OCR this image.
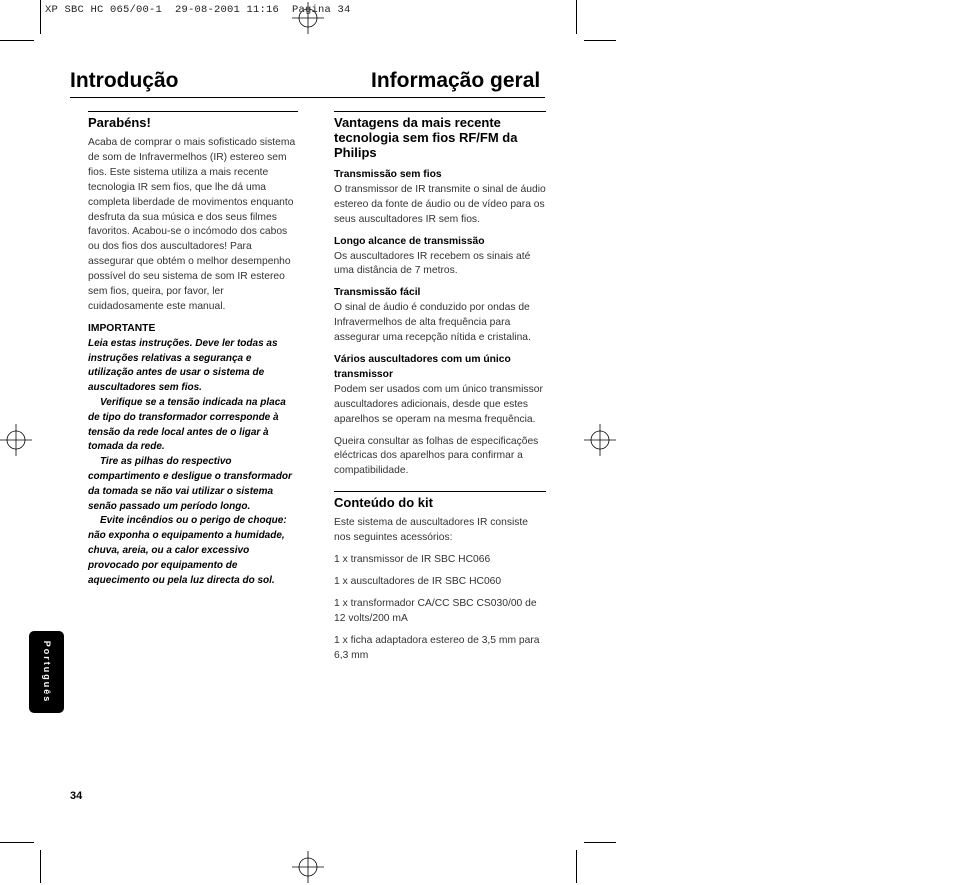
XP SBC HC 065/00-1  29-08-2001 11:16  Pagina 34
Introdução	Informação geral
Parabéns!

Acaba de comprar o mais sofisticado sistema de som de Infravermelhos (IR) estereo sem fios. Este sistema utiliza a mais recente tecnologia IR sem fios, que lhe dá uma completa liberdade de movimentos enquanto desfruta da sua música e dos seus filmes favoritos. Acabou-se o incómodo dos cabos ou dos fios dos auscultadores! Para assegurar que obtém o melhor desempenho possível do seu sistema de som IR estereo sem fios, queira, por favor, ler cuidadosamente este manual.

IMPORTANTE

Leia estas instruções. Deve ler todas as instruções relativas a segurança e utilização antes de usar o sistema de auscultadores sem fios.
Verifique se a tensão indicada na placa de tipo do transformador corresponde à tensão da rede local antes de o ligar à tomada da rede.
Tire as pilhas do respectivo compartimento e desligue o transformador da tomada se não vai utilizar o sistema senão passado um período longo.
Evite incêndios ou o perigo de choque: não exponha o equipamento a humidade, chuva, areia, ou a calor excessivo provocado por equipamento de aquecimento ou pela luz directa do sol.

Vantagens da mais recente tecnologia sem fios RF/FM da Philips

Transmissão sem fios

O transmissor de IR transmite o sinal de áudio estereo da fonte de áudio ou de vídeo para os seus auscultadores IR sem fios.

Longo alcance de transmissão

Os auscultadores IR recebem os sinais até uma distância de 7 metros.

Transmissão fácil

O sinal de áudio é conduzido por ondas de Infravermelhos de alta frequência para assegurar uma recepção nítida e cristalina.

Vários auscultadores com um único transmissor

Podem ser usados com um único transmissor auscultadores adicionais, desde que estes aparelhos se operam na mesma frequência.

Queira consultar as folhas de especificações eléctricas dos aparelhos para confirmar a compatibilidade.

Conteúdo do kit

Este sistema de auscultadores IR consiste nos seguintes acessórios:

1 x transmissor de IR SBC HC066

1 x auscultadores de IR SBC HC060

1 x transformador CA/CC SBC CS030/00 de 12 volts/200 mA

1 x ficha adaptadora estereo de 3,5 mm para 6,3 mm

Português
34
